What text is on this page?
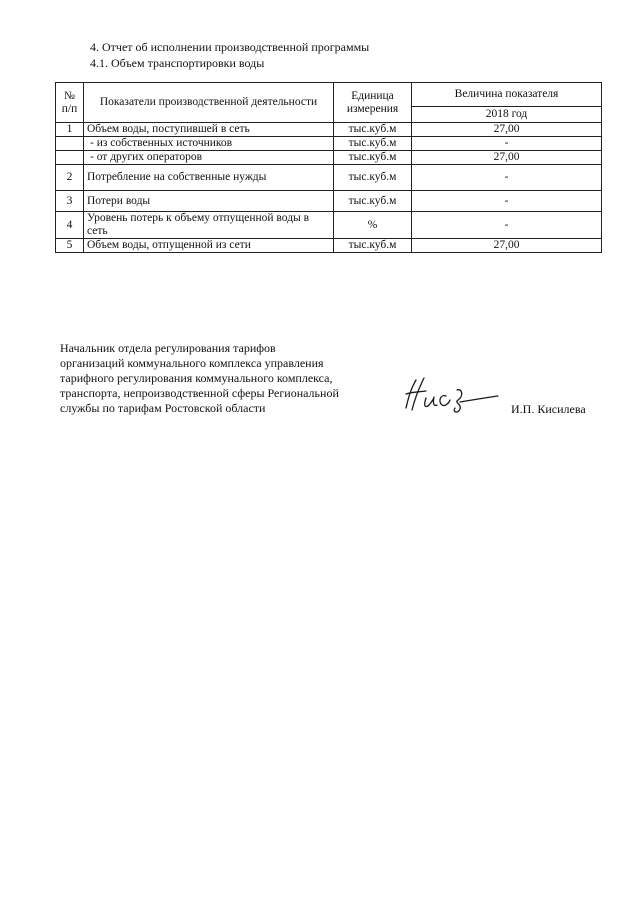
4. Отчет об исполнении производственной программы
4.1. Объем транспортировки воды
№ п/п	Показатели производственной деятельности	Единица измерения	Величина показателя
			2018 год
1	Объем воды, поступившей в сеть	тыс.куб.м	27,00
	- из собственных источников	тыс.куб.м	-
	- от других операторов	тыс.куб.м	27,00
2	Потребление на собственные нужды	тыс.куб.м	-
3	Потери воды	тыс.куб.м	-
4	Уровень потерь к объему отпущенной воды в сеть	%	-
5	Объем воды, отпущенной из сети	тыс.куб.м	27,00
Начальник отдела регулирования тарифов
организаций коммунального комплекса управления
тарифного регулирования коммунального комплекса,
транспорта, непроизводственной сферы Региональной
службы по тарифам Ростовской области	И.П. Кисилева
